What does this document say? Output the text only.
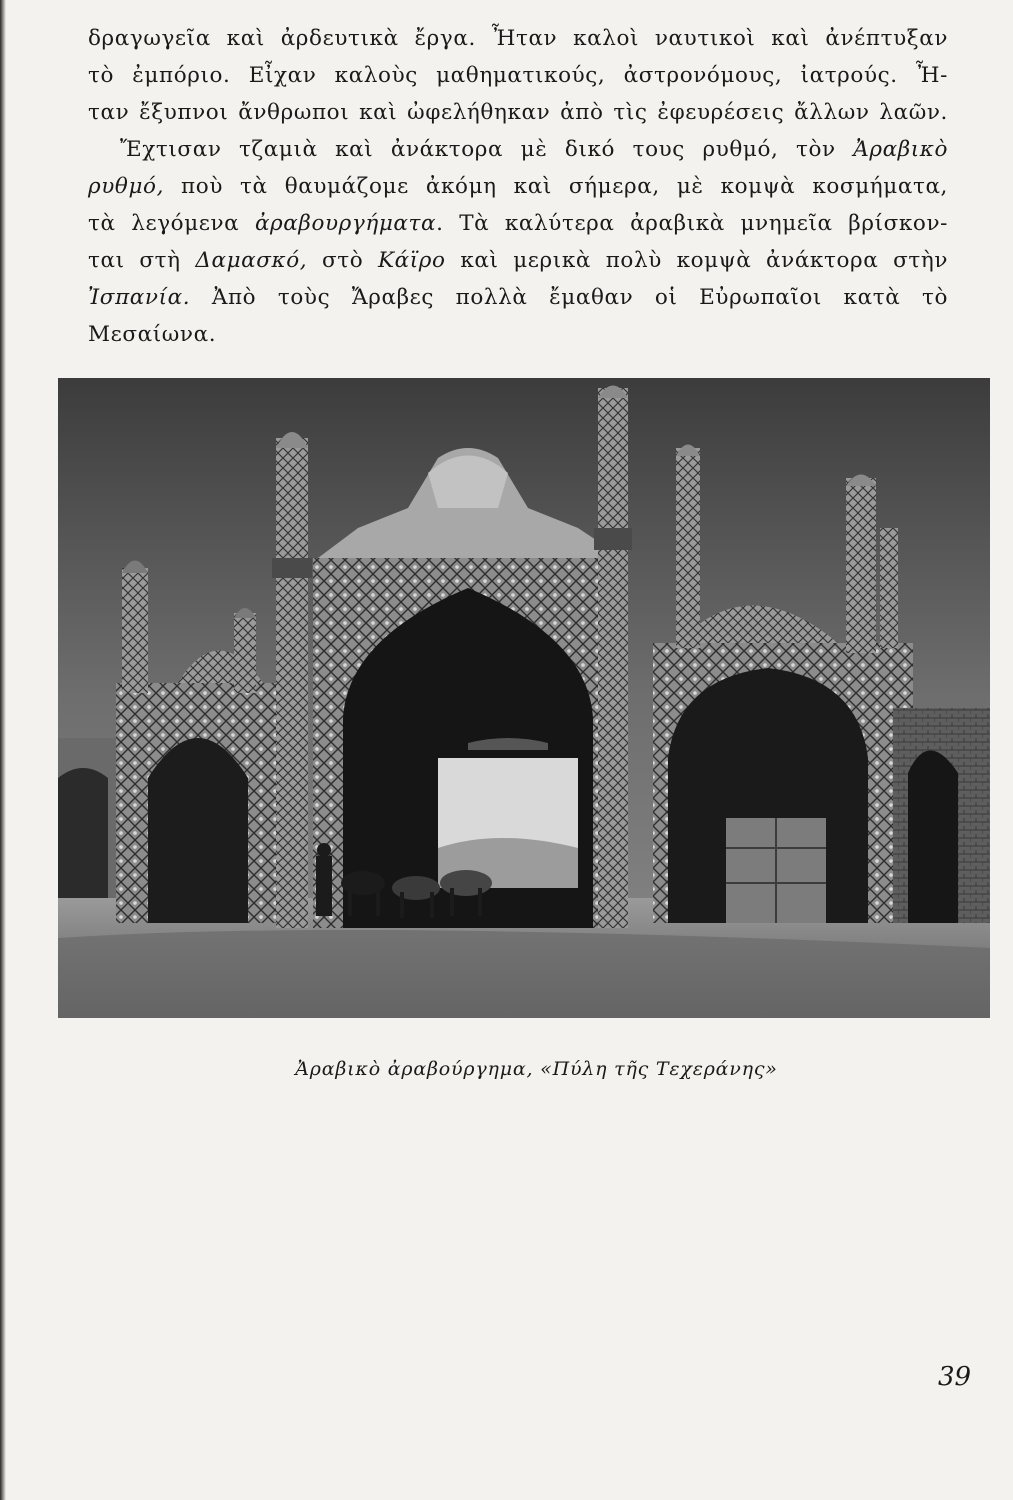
δραγωγεῖα καὶ ἀρδευτικὰ ἔργα. Ἦταν καλοὶ ναυτικοὶ καὶ ἀνέπτυξαν
τὸ ἐμπόριο. Εἶχαν καλοὺς μαθηματικούς, ἀστρονόμους, ἰατρούς. Ἦ-
ταν ἔξυπνοι ἄνθρωποι καὶ ὠφελήθηκαν ἀπὸ τὶς ἐφευρέσεις ἄλλων λαῶν.
Ἔχτισαν τζαμιὰ καὶ ἀνάκτορα μὲ δικό τους ρυθμό, τὸν Ἀραβικὸ
ρυθμό, ποὺ τὰ θαυμάζομε ἀκόμη καὶ σήμερα, μὲ κομψὰ κοσμήματα,
τὰ λεγόμενα ἀραβουργήματα. Τὰ καλύτερα ἀραβικὰ μνημεῖα βρίσκον-
ται στὴ Δαμασκό, στὸ Κάϊρο καὶ μερικὰ πολὺ κομψὰ ἀνάκτορα στὴν
Ἰσπανία. Ἀπὸ τοὺς Ἄραβες πολλὰ ἔμαθαν οἱ Εὐρωπαῖοι κατὰ τὸ
Μεσαίωνα.
Ἀραβικὸ ἀραβούργημα, «Πύλη τῆς Τεχεράνης»
39
